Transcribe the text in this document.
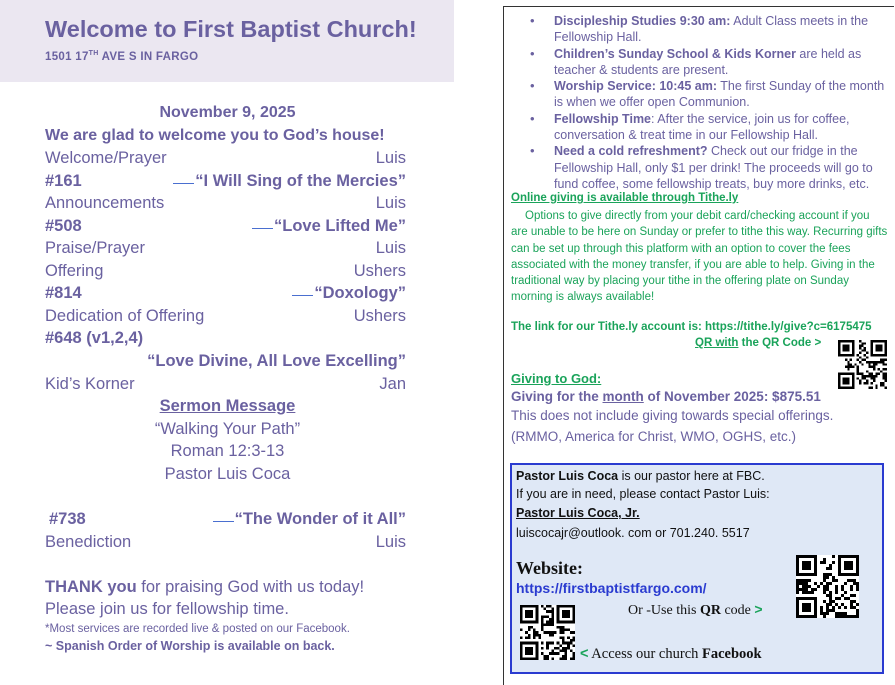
Welcome to First Baptist Church!
1501 17TH AVE S IN FARGO
November 9, 2025
We are glad to welcome you to God’s house!
Welcome/Prayer	Luis
#161	“I Will Sing of the Mercies”
Announcements	Luis
#508	“Love Lifted Me”
Praise/Prayer	Luis
Offering	Ushers
#814	“Doxology”
Dedication of Offering	Ushers
#648 (v1,2,4)
“Love Divine, All Love Excelling”
Kid’s Korner	Jan
Sermon Message
“Walking Your Path”
Roman 12:3-13
Pastor Luis Coca
#738	“The Wonder of it All”
Benediction	Luis
THANK you for praising God with us today!
Please join us for fellowship time.
*Most services are recorded live & posted on our Facebook.
~ Spanish Order of Worship is available on back.
• Discipleship Studies 9:30 am: Adult Class meets in the Fellowship Hall.
• Children’s Sunday School & Kids Korner are held as teacher & students are present.
• Worship Service: 10:45 am: The first Sunday of the month is when we offer open Communion.
• Fellowship Time: After the service, join us for coffee, conversation & treat time in our Fellowship Hall.
• Need a cold refreshment? Check out our fridge in the Fellowship Hall, only $1 per drink! The proceeds will go to fund coffee, some fellowship treats, buy more drinks, etc.
Online giving is available through Tithe.ly
Options to give directly from your debit card/checking account if you are unable to be here on Sunday or prefer to tithe this way. Recurring gifts can be set up through this platform with an option to cover the fees associated with the money transfer, if you are able to help. Giving in the traditional way by placing your tithe in the offering plate on Sunday morning is always available!
The link for our Tithe.ly account is: https://tithe.ly/give?c=6175475
QR with the QR Code >
Giving to God:
Giving for the month of November 2025: $875.51
This does not include giving towards special offerings.
(RMMO, America for Christ, WMO, OGHS, etc.)
Pastor Luis Coca is our pastor here at FBC.
If you are in need, please contact Pastor Luis:
Pastor Luis Coca, Jr.
luiscocajr@outlook. com or 701.240. 5517
Website:
https://firstbaptistfargo.com/
Or -Use this QR code >
< Access our church Facebook
